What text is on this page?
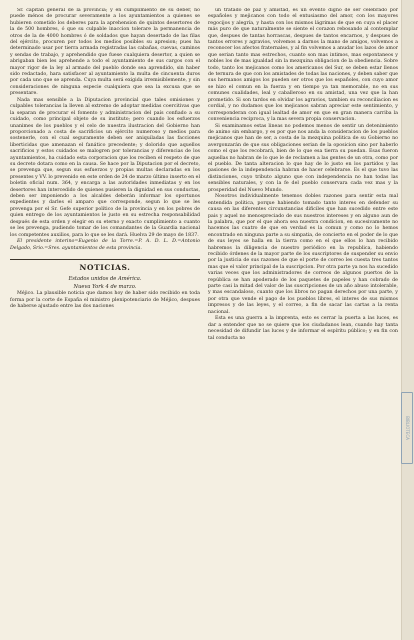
Sr. capitan general de la provincia; y en cumplimiento de su deber, no puede ménos de procurar severamente a los ayuntamientos a quienes se hubieren cometido los deberes para la aprehension de quintos desertores de la de 500 hombres, ó que su culpable inaccion tolerare la permanencia de otros de la de 4000 hombres ó de soldados que hayan desertado de las filas del ejército, procuren por todos los medios posibles su apresion; pues ha determinado usar por tierra armada registradas las cabañas, cuevas, caminos y sendas de trabajo, y aprehendido que fuese cualquiera desertor, a quien se abrigaban bien les aprehende a todo el ayuntamiento de sus cargos con el mayor rigor de la ley al armado del pueblo donde sea aprendido, sin haber sido redactado, hara satisfacer al ayuntamiento la multa de cincuenta duros por cada uno que se aprenda. Cuya multa será exigida irremisiblemente, y sin consideraciones de ninguna especie cualquiera que sea la excusa que se presentare.

Nada mas sensible a la Diputacion provincial que tales omisiones y culpables tolerancias la lleven al extremo de adoptar medidas coercitivas que la separan de procurar el fomento y administracion del país confiado a su cuidado, como principal objeto de su instituto; pero cuando los esfuerzos unanimes de los pueblos y el celo de nuestra ilustracion del Gobierno han proporcionado a costa de sacrificios un ejército numeroso y medios para sostenerle, con el cual seguramente deben ser aniquiladas las facciones liberticidas que amenazan el fanático precedente; y dolorido que aquellos sacrificios y estos cuidados se malogren por tolerancias y diferencias de los ayuntamientos, ha cuidado esta corporacion que los reciben el respeto de que su decreto dotara como en la causa. Se hace por la Diputacion por el decreto, se prevenga que, segun sus esfuerzos y propias multas declaradas en los presentes y VV. lo prevenido en este orden de 24 de marzo último inserto en el boletin oficial num. 364, y encarga a las autoridades inmediatas y en los desertores han intercedido de quienes pusieren la dignidad en sus conductas, deben ser imponiendo a los alcaldes deberán informar los oportunos expedientes y darles el amparo que corresponde, segun lo que se les prevenga por el Sr. Gefe superior político de la provincia y en los pobres de quien entrego de los ayuntamientos le justo en su estrecha responsabilidad después de esta orden y elegir en su eterno y exacto cumplimiento a cuanto se les prevenga, pudiendo tomar de los comandantes de la Guardia nacional los competentes auxilios, para lo que se les dará. Huelva 29 de mayo de 1837.

El presidente interino=Eugenio de la Torre.=P. A. D. L. D.=Antonio Delgado, Srio.=Sres. ayuntamientos de esta provincia.

NOTICIAS.
Estados unidos de América.
Nueva York 4 de marzo.

Méjico. La plausible noticia que damos hoy de haber sido recibido en toda forma por la corte de España el ministro plenipotenciario de Méjico, despues de haberse ajustado entre las dos naciones

un tratado de paz y amistad, es un evento digno de ser celebrado por españoles y mejicanos con todo el entusiasmo del amor, con los mayores regocijos y alegría, y hasta con los mismos lágrimas de que en cuya el placer más puro de que naturalmente se siente el corazon rebosando al contemplar que, despues de tantas horrascas, despues de tantos encarnos, y despues de tantos errores y agravios, volvemos a darnos la mano de amigos, volvemos a reconocer los afectos fraternales, y al fin volvemos a anudar los lazos de amor que serian tanto mas estrechos, cuanto son mas intimos, mas espontaneos y nobles los de mas igualdad sin la mezquina obligacion de la obediencia. Sobre todo, tanto los mejicanos como los americanos del Sur, se deben estar llenos de ternura de que con los amistades de todas las naciones, y deben saber que sus hermanos amigos los pueden ser otros que los españoles, con cuyo amor se hizo el comun en la fuerza y en tiempo ya tan memorable, no en sus comunes cualidades, leal y caballeroso en su amistad, una vez que la han prometido. Si son tardos en olvidar los agravios, tambien su reconciliacion es cordial, y no dudamos que los mejicanos sabran apreciar este sentimiento, y corresponderan con igual lealtad de amor en que en gran manera carriba la conveniencia reciproca, y la mas severa propia conservacion.

Si examinamos estas lineas no podemos menos de sentir un detenimiento de animo sin embargo, y es por que nos anda la consideracion de los pueblos mejicanos que han de ser, a costa de la mezquina politica de su Gobierno no avergonzarán de que sus obligaciones serian de la oposicion sino por haberlo como el que los recobrará, bien de lo que esa tierra su puedan. Esas fueron aquellas no habran de lo que le de reclamen a las gentes de un otra, como por el pueblo. De tanta alteracion lo que hay de lo justo en los partidos y las pasiones de la independencia habran de hacer celebrarse. Es el que tuvo las distinciones, cuyo tributo alguno que con independencia no han todas las sensibles naturales, y con la fe del pueblo conservara cada vez mas y la prosperidad del Nuevo Mundo.

Nosotros individualmente tenemos dobles razones para sentir esta mal entendida politica, porque habiendo tomado tanto interes en defender su causa en las diferentes circunstancias dificiles que han sucedido entre este pais y aquel no menospreciado de sus nuestros intereses y en alguno aun de la palabra, que por el que ahora sea nuestra condicion, en sucesivamente no hacemos las cuatro de que en verdad es la comun y como no lo hemos encontrado en ninguna parte a su simpatia, de concierto en el poder de lo que de sus leyes se halla en la tierra como en el que ellos lo han recibido habremos la diligencia de nuestro periódico en la republica, habiendo recibido órdenes de la mayor parte de los suscriptores de suspender su envio por la justicia de sus razones de que el porte de correo les cuesta tres tantos mas que el valor principal de la suscripcion. Por otra parte ya nos ha sucedido varias veces que los administradores de correos de algunos puertos de la república se han apoderado de los paquetes de papeles y han cobrado de parte casi la mitad del valor de las suscripciones de un año abuso intolerable, y mas escandaloso, cuanto que los libros no pagan derechos por una parte, y por otra que vende el pago de los pueblos libres, el interes de sus mismos impresos y de las leyes, y el correo, a fin de sacar las cartas a la renta nacional.

Esta es una guerra a la imprenta, esto es cerrar la puerta a las luces, es dar a entender que no se quiere que los ciudadanos lean, cuando hay tanta necesidad de difundir las luces y de informar el espíritu público; y en fin con tal conducta no

BIBLIOTECA
